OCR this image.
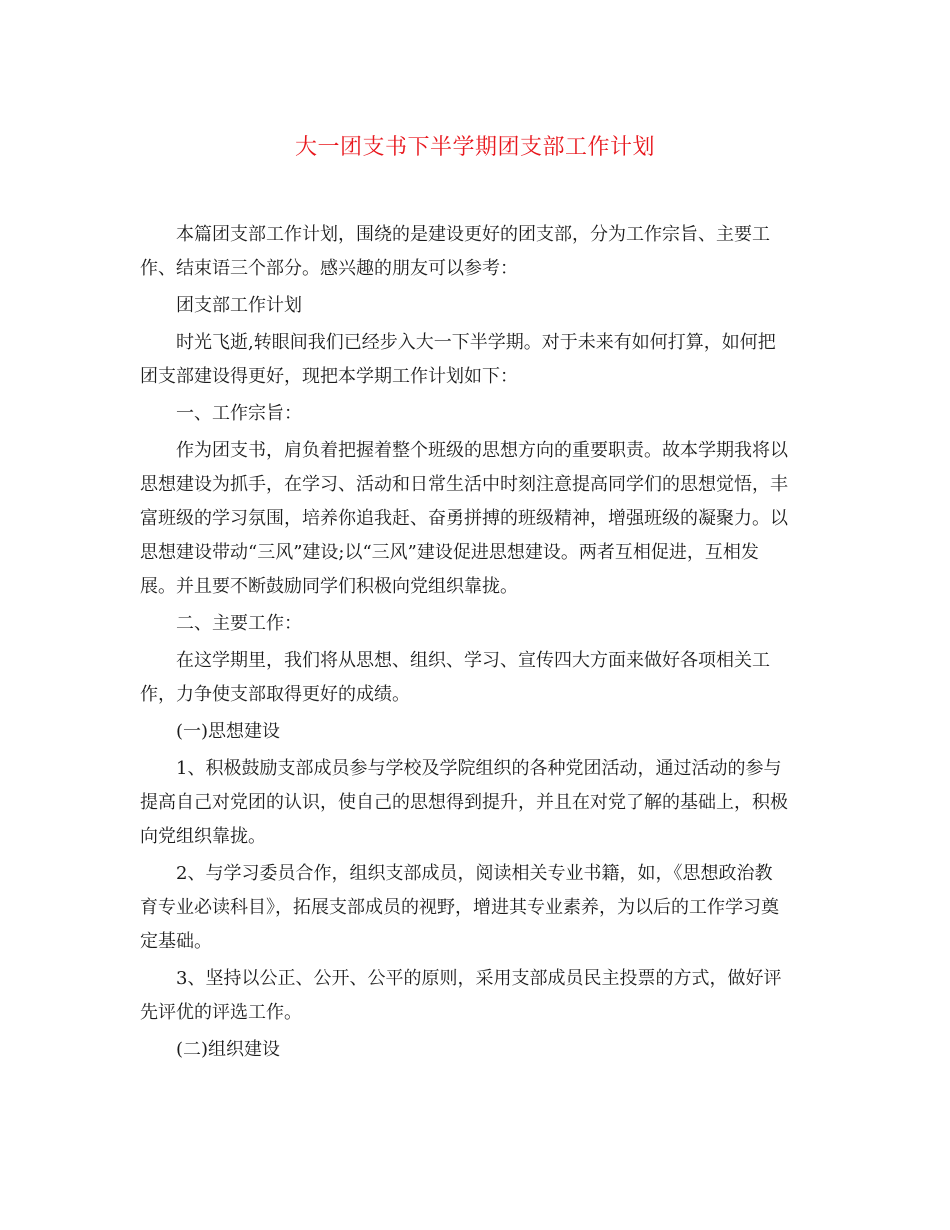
大一团支书下半学期团支部工作计划

本篇团支部工作计划，围绕的是建设更好的团支部，分为工作宗旨、主要工
作、结束语三个部分。感兴趣的朋友可以参考：

团支部工作计划

时光飞逝,转眼间我们已经步入大一下半学期。对于未来有如何打算，如何把
团支部建设得更好，现把本学期工作计划如下：

一、工作宗旨：

作为团支书，肩负着把握着整个班级的思想方向的重要职责。故本学期我将以
思想建设为抓手，在学习、活动和日常生活中时刻注意提高同学们的思想觉悟，丰
富班级的学习氛围，培养你追我赶、奋勇拼搏的班级精神，增强班级的凝聚力。以
思想建设带动“三风”建设;以“三风”建设促进思想建设。两者互相促进，互相发
展。并且要不断鼓励同学们积极向党组织靠拢。

二、主要工作：

在这学期里，我们将从思想、组织、学习、宣传四大方面来做好各项相关工
作，力争使支部取得更好的成绩。

(一)思想建设

1、积极鼓励支部成员参与学校及学院组织的各种党团活动，通过活动的参与
提高自己对党团的认识，使自己的思想得到提升，并且在对党了解的基础上，积极
向党组织靠拢。

2、与学习委员合作，组织支部成员，阅读相关专业书籍，如，《思想政治教
育专业必读科目》，拓展支部成员的视野，增进其专业素养，为以后的工作学习奠
定基础。

3、坚持以公正、公开、公平的原则，采用支部成员民主投票的方式，做好评
先评优的评选工作。

(二)组织建设
